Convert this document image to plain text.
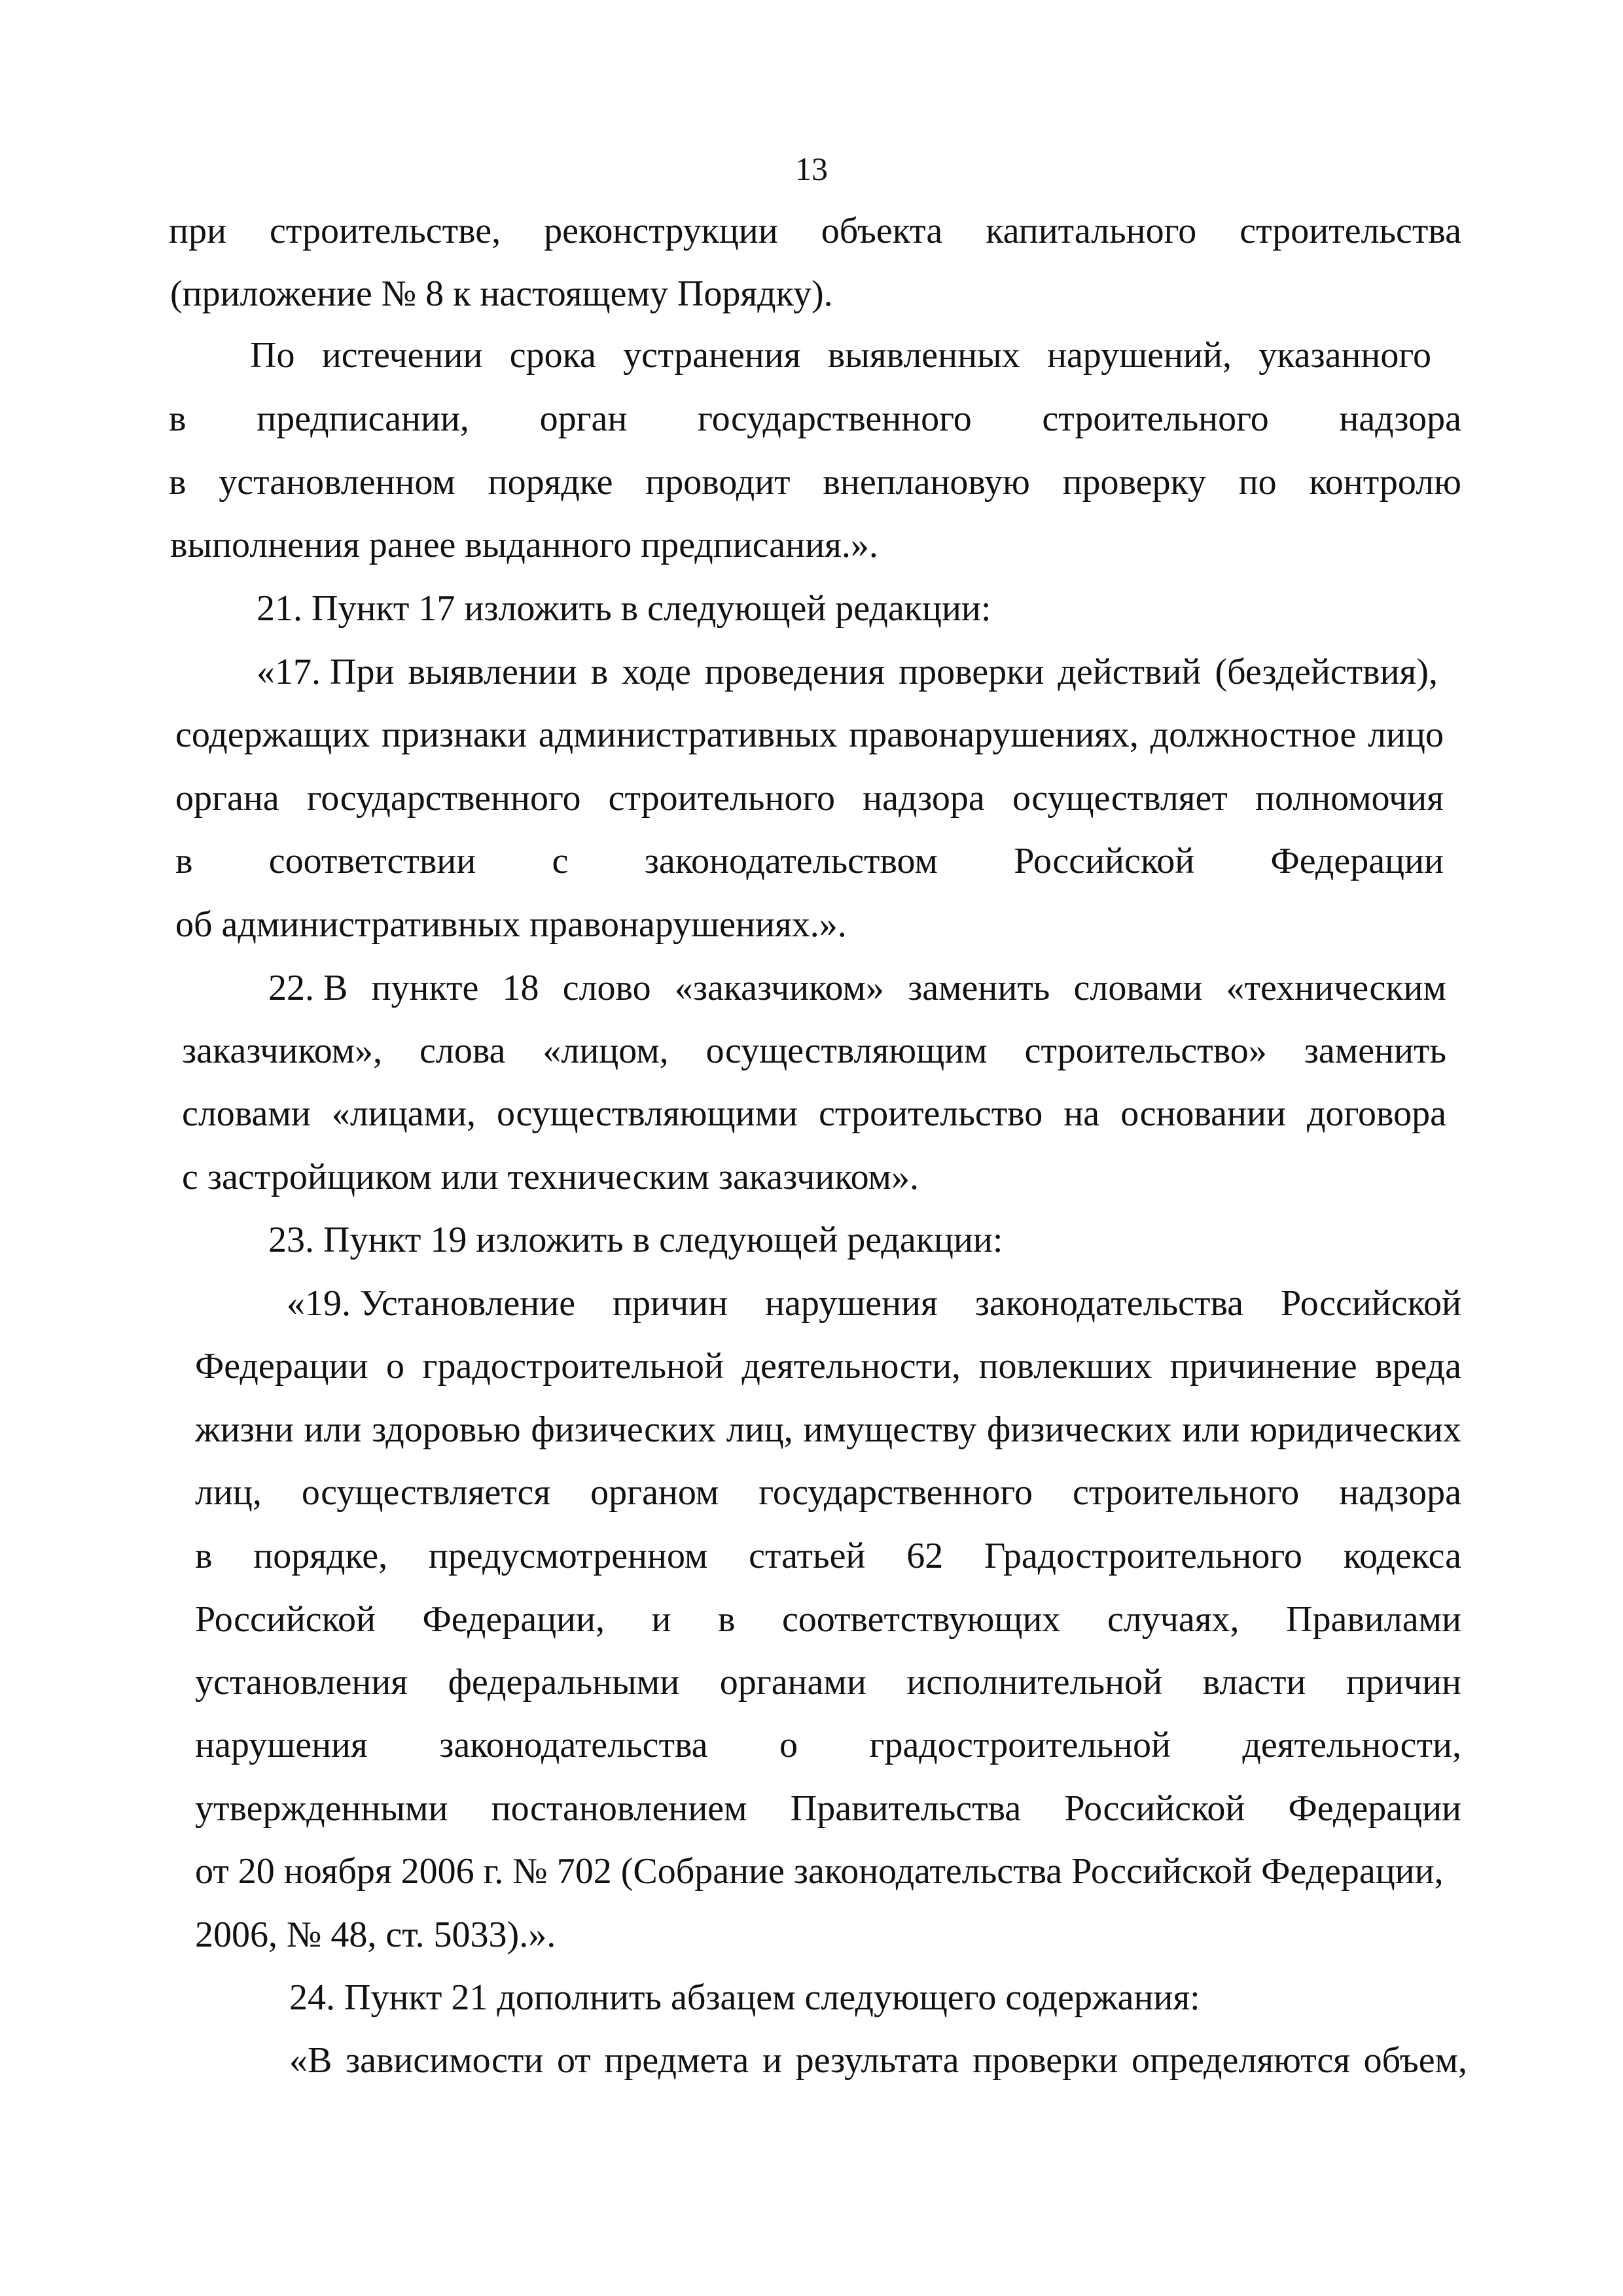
13
при строительстве, реконструкции объекта капитального строительства
(приложение № 8 к настоящему Порядку).
По истечении срока устранения выявленных нарушений, указанного
в предписании, орган государственного строительного надзора
в установленном порядке проводит внеплановую проверку по контролю
выполнения ранее выданного предписания.».
21. Пункт 17 изложить в следующей редакции:
«17. При выявлении в ходе проведения проверки действий (бездействия),
содержащих признаки административных правонарушениях, должностное лицо
органа государственного строительного надзора осуществляет полномочия
в соответствии с законодательством Российской Федерации
об административных правонарушениях.».
22. В пункте 18 слово «заказчиком» заменить словами «техническим
заказчиком», слова «лицом, осуществляющим строительство» заменить
словами «лицами, осуществляющими строительство на основании договора
с застройщиком или техническим заказчиком».
23. Пункт 19 изложить в следующей редакции:
«19. Установление причин нарушения законодательства Российской
Федерации о градостроительной деятельности, повлекших причинение вреда
жизни или здоровью физических лиц, имуществу физических или юридических
лиц, осуществляется органом государственного строительного надзора
в порядке, предусмотренном статьей 62 Градостроительного кодекса
Российской Федерации, и в соответствующих случаях, Правилами
установления федеральными органами исполнительной власти причин
нарушения законодательства о градостроительной деятельности,
утвержденными постановлением Правительства Российской Федерации
от 20 ноября 2006 г. № 702 (Собрание законодательства Российской Федерации,
2006, № 48, ст. 5033).».
24. Пункт 21 дополнить абзацем следующего содержания:
«В зависимости от предмета и результата проверки определяются объем,
